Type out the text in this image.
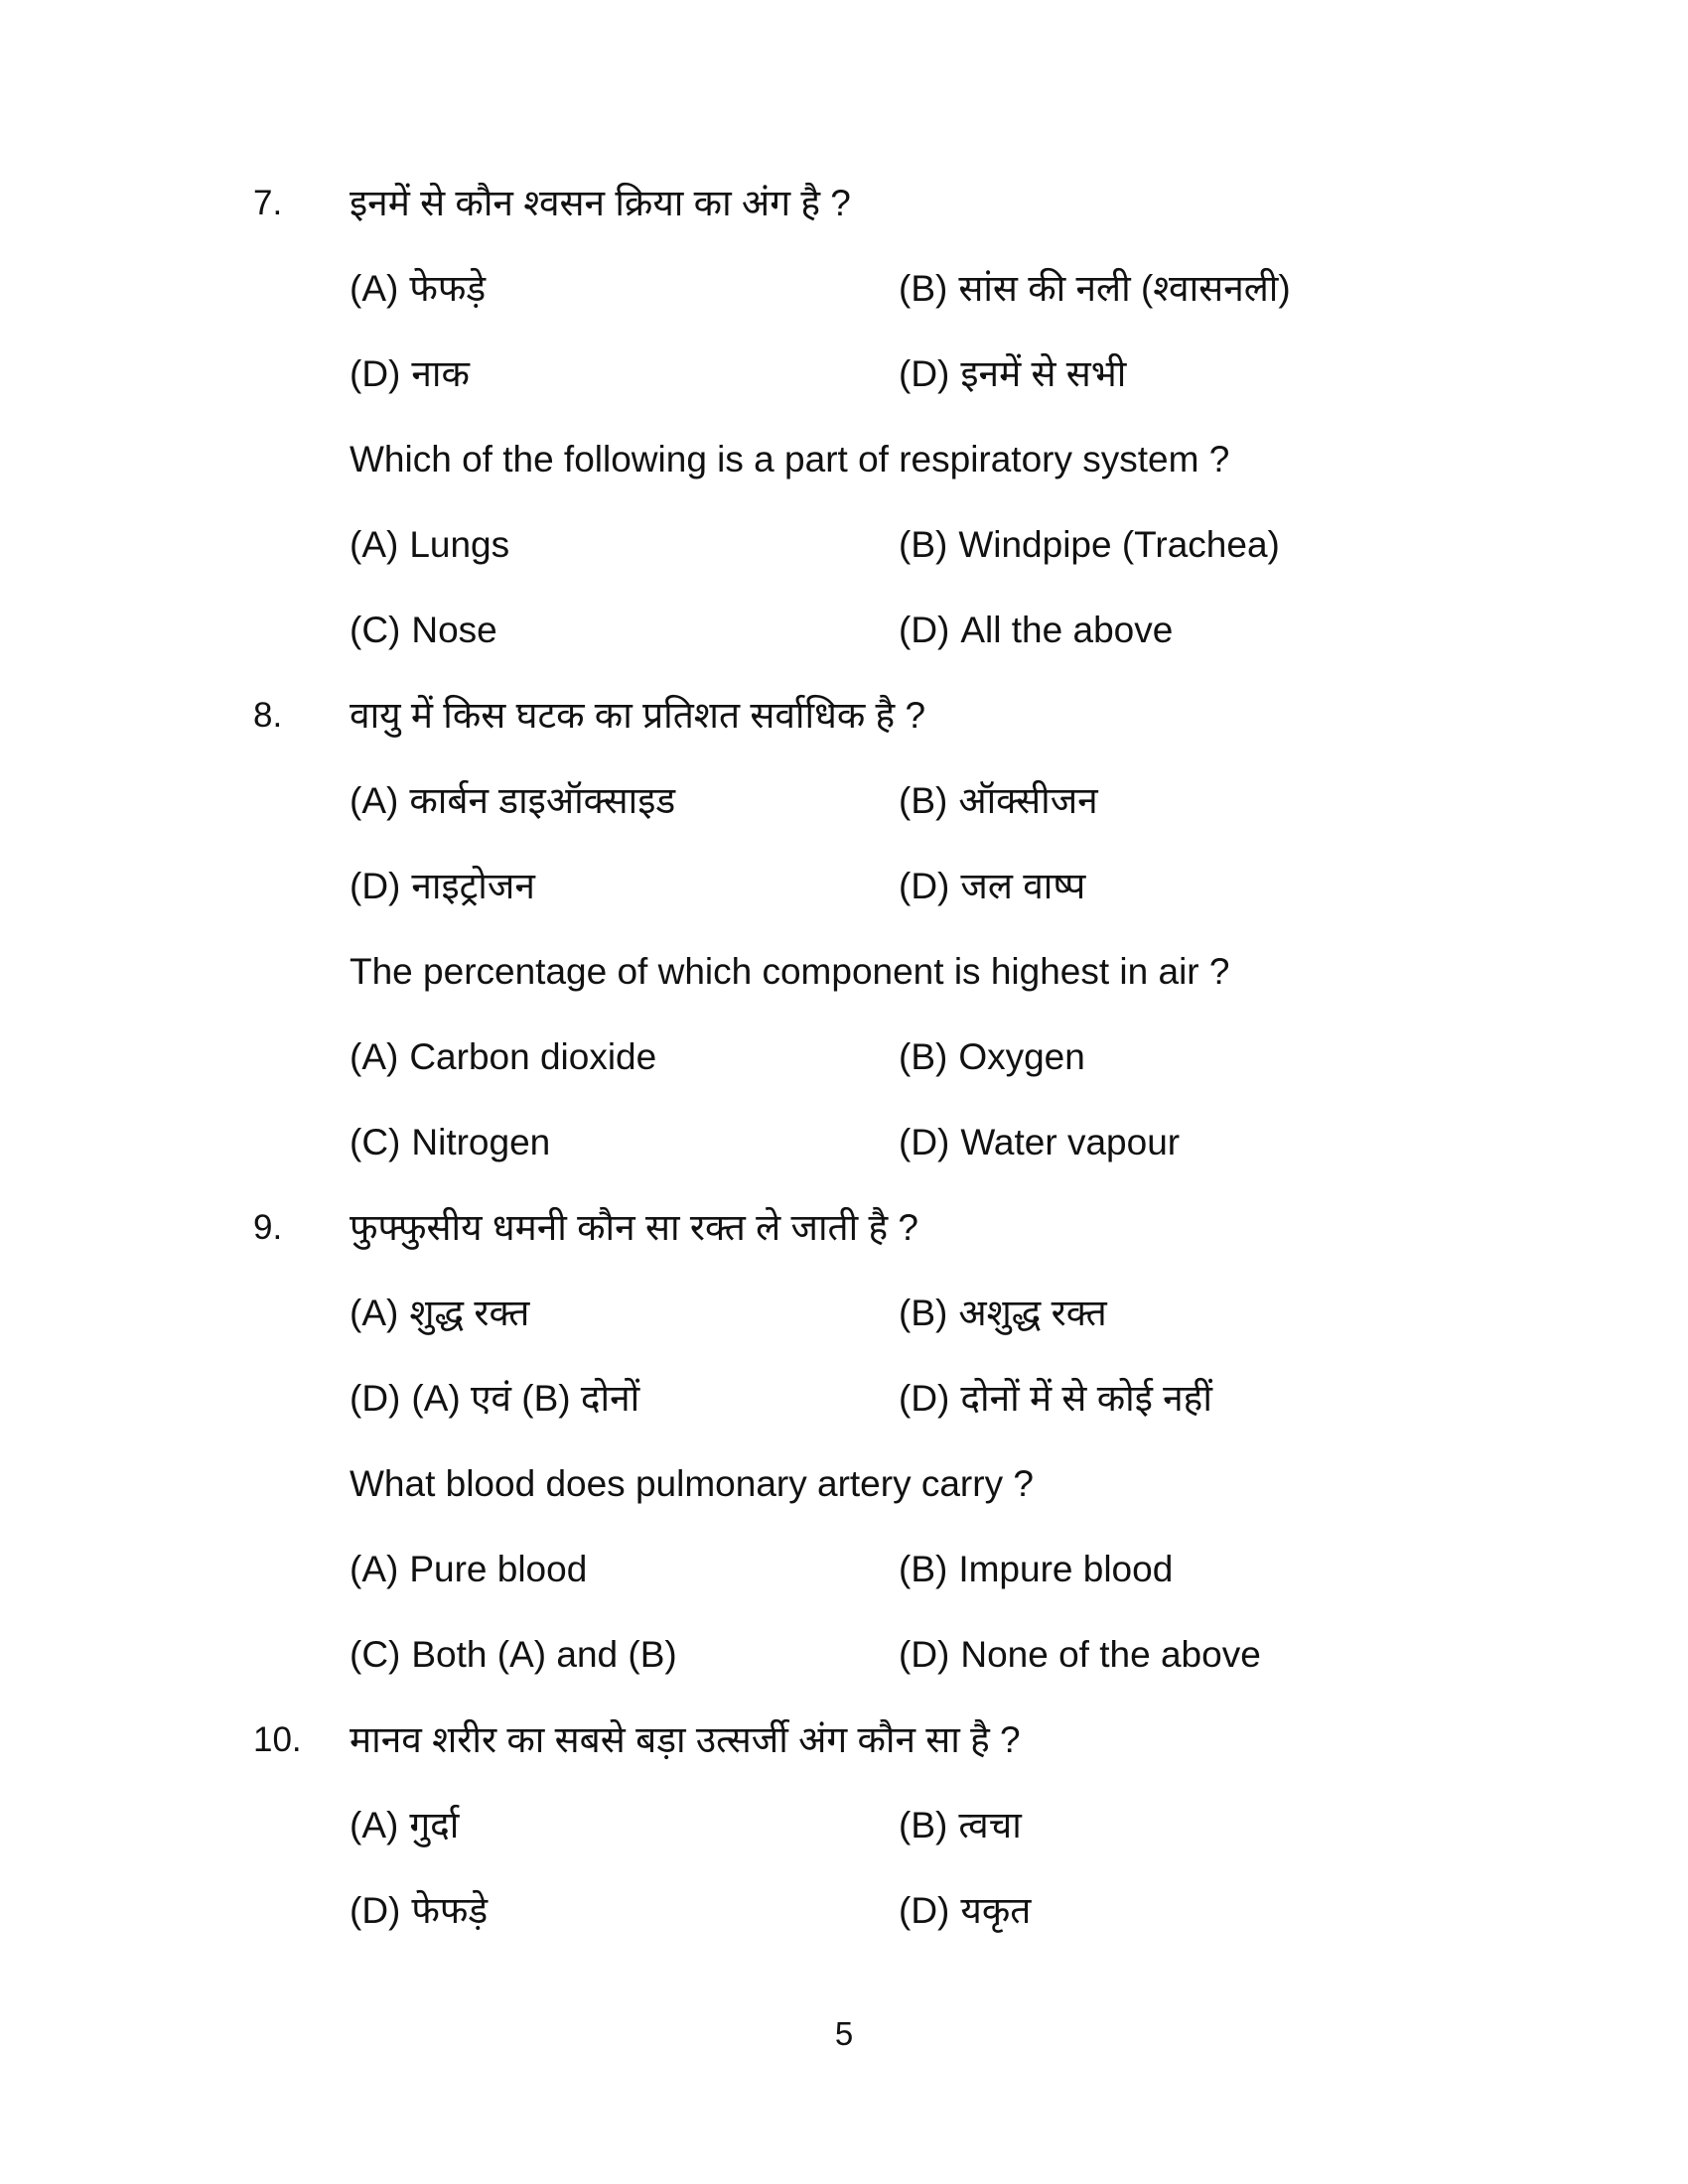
7.	इनमें से कौन श्वसन क्रिया का अंग है ?
(A) फेफड़े	(B) सांस की नली (श्वासनली)
(D) नाक	(D) इनमें से सभी
Which of the following is a part of respiratory system ?
(A) Lungs	(B) Windpipe (Trachea)
(C) Nose	(D) All the above
8.	वायु में किस घटक का प्रतिशत सर्वाधिक है ?
(A) कार्बन डाइऑक्साइड	(B) ऑक्सीजन
(D) नाइट्रोजन	(D) जल वाष्प
The percentage of which component is highest in air ?
(A) Carbon dioxide	(B) Oxygen
(C) Nitrogen	(D) Water vapour
9.	फुफ्फुसीय धमनी कौन सा रक्त ले जाती है ?
(A) शुद्ध रक्त	(B) अशुद्ध रक्त
(D) (A) एवं (B) दोनों	(D) दोनों में से कोई नहीं
What blood does pulmonary artery carry ?
(A) Pure blood	(B) Impure blood
(C) Both (A) and (B)	(D) None of the above
10.	मानव शरीर का सबसे बड़ा उत्सर्जी अंग कौन सा है ?
(A) गुर्दा	(B) त्वचा
(D) फेफड़े	(D) यकृत
5
